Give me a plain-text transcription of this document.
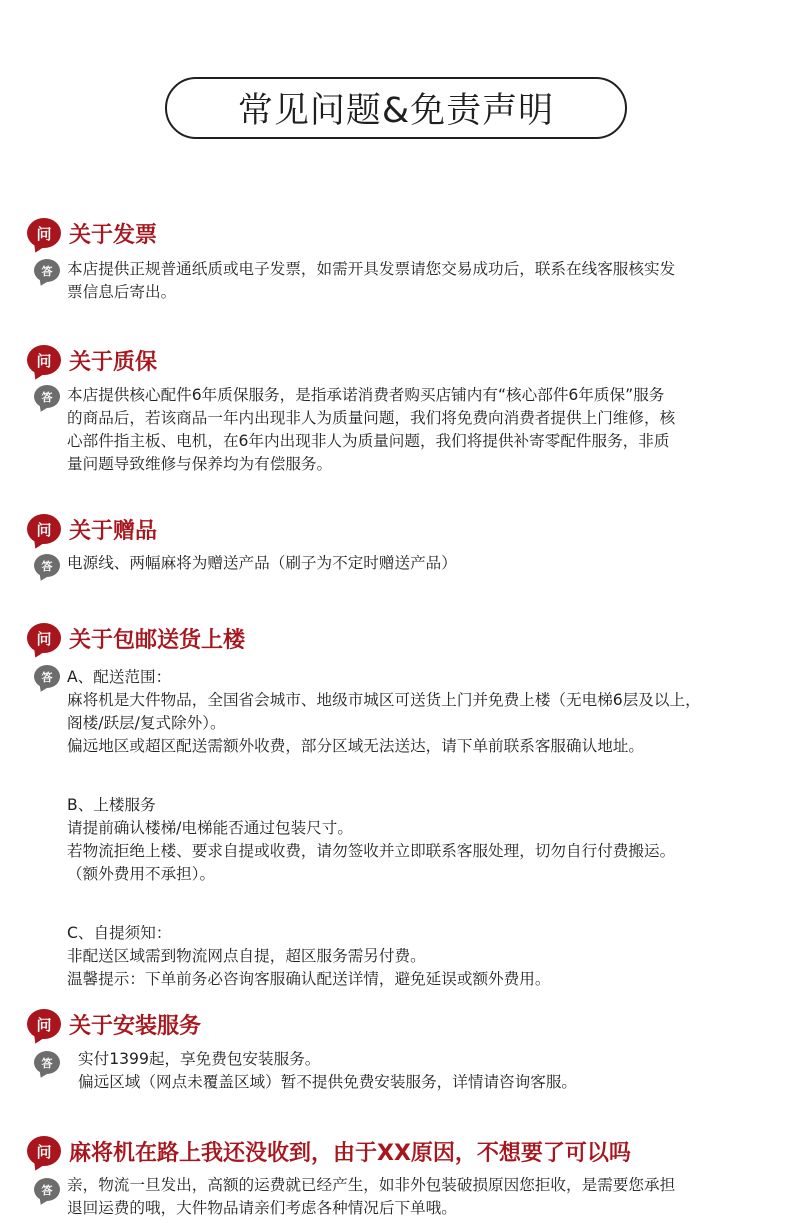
常见问题&免责声明
问 关于发票
答 本店提供正规普通纸质或电子发票，如需开具发票请您交易成功后，联系在线客服核实发
票信息后寄出。
问 关于质保
答 本店提供核心配件6年质保服务，是指承诺消费者购买店铺内有“核心部件6年质保”服务
的商品后，若该商品一年内出现非人为质量问题，我们将免费向消费者提供上门维修，核
心部件指主板、电机，在6年内出现非人为质量问题，我们将提供补寄零配件服务，非质
量问题导致维修与保养均为有偿服务。
问 关于赠品
答 电源线、两幅麻将为赠送产品（刷子为不定时赠送产品）
问 关于包邮送货上楼
答 A、配送范围：
麻将机是大件物品，全国省会城市、地级市城区可送货上门并免费上楼（无电梯6层及以上，
阁楼/跃层/复式除外）。
偏远地区或超区配送需额外收费，部分区域无法送达，请下单前联系客服确认地址。
B、上楼服务
请提前确认楼梯/电梯能否通过包装尺寸。
若物流拒绝上楼、要求自提或收费，请勿签收并立即联系客服处理，切勿自行付费搬运。
（额外费用不承担）。
C、自提须知：
非配送区域需到物流网点自提，超区服务需另付费。
温馨提示：下单前务必咨询客服确认配送详情，避免延误或额外费用。
问 关于安装服务
答	实付1399起，享免费包安装服务。
偏远区域（网点未覆盖区域）暂不提供免费安装服务，详情请咨询客服。
问 麻将机在路上我还没收到，由于XX原因，不想要了可以吗
答 亲，物流一旦发出，高额的运费就已经产生，如非外包装破损原因您拒收，是需要您承担
退回运费的哦，大件物品请亲们考虑各种情况后下单哦。
